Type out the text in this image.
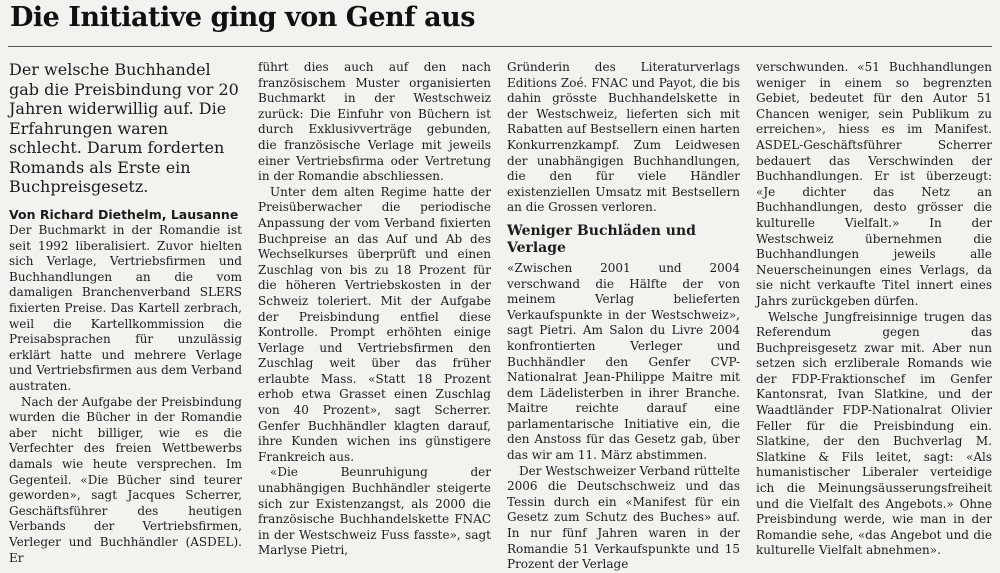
Die Initiative ging von Genf aus

Der welsche Buchhandel gab die Preisbindung vor 20 Jahren widerwillig auf. Die Erfahrungen waren schlecht. Darum forderten Romands als Erste ein Buchpreisgesetz.

Von Richard Diethelm, Lausanne

Der Buchmarkt in der Romandie ist seit 1992 liberalisiert. Zuvor hielten sich Verlage, Vertriebsfirmen und Buchhandlungen an die vom damaligen Branchenverband SLERS fixierten Preise. Das Kartell zerbrach, weil die Kartellkommission die Preisabsprachen für unzulässig erklärt hatte und mehrere Verlage und Vertriebsfirmen aus dem Verband austraten.

Nach der Aufgabe der Preisbindung wurden die Bücher in der Romandie aber nicht billiger, wie es die Verfechter des freien Wettbewerbs damals wie heute versprechen. Im Gegenteil. «Die Bücher sind teurer geworden», sagt Jacques Scherrer, Geschäftsführer des heutigen Verbands der Vertriebsfirmen, Verleger und Buchhändler (ASDEL). Er

führt dies auch auf den nach französischem Muster organisierten Buchmarkt in der Westschweiz zurück: Die Einfuhr von Büchern ist durch Exklusivverträge gebunden, die französische Verlage mit jeweils einer Vertriebsfirma oder Vertretung in der Romandie abschliessen.

Unter dem alten Regime hatte der Preisüberwacher die periodische Anpassung der vom Verband fixierten Buchpreise an das Auf und Ab des Wechselkurses überprüft und einen Zuschlag von bis zu 18 Prozent für die höheren Vertriebskosten in der Schweiz toleriert. Mit der Aufgabe der Preisbindung entfiel diese Kontrolle. Prompt erhöhten einige Verlage und Vertriebsfirmen den Zuschlag weit über das früher erlaubte Mass. «Statt 18 Prozent erhob etwa Grasset einen Zuschlag von 40 Prozent», sagt Scherrer. Genfer Buchhändler klagten darauf, ihre Kunden wichen ins günstigere Frankreich aus.

«Die Beunruhigung der unabhängigen Buchhändler steigerte sich zur Existenzangst, als 2000 die französische Buchhandelskette FNAC in der Westschweiz Fuss fasste», sagt Marlyse Pietri,

Gründerin des Literaturverlags Editions Zoé. FNAC und Payot, die bis dahin grösste Buchhandelskette in der Westschweiz, lieferten sich mit Rabatten auf Bestsellern einen harten Konkurrenzkampf. Zum Leidwesen der unabhängigen Buchhandlungen, die den für viele Händler existenziellen Umsatz mit Bestsellern an die Grossen verloren.

Weniger Buchläden und Verlage

«Zwischen 2001 und 2004 verschwand die Hälfte der von meinem Verlag belieferten Verkaufspunkte in der Westschweiz», sagt Pietri. Am Salon du Livre 2004 konfrontierten Verleger und Buchhändler den Genfer CVP-Nationalrat Jean-Philippe Maitre mit dem Lädelisterben in ihrer Branche. Maitre reichte darauf eine parlamentarische Initiative ein, die den Anstoss für das Gesetz gab, über das wir am 11. März abstimmen.

Der Westschweizer Verband rüttelte 2006 die Deutschschweiz und das Tessin durch ein «Manifest für ein Gesetz zum Schutz des Buches» auf. In nur fünf Jahren waren in der Romandie 51 Verkaufspunkte und 15 Prozent der Verlage

verschwunden. «51 Buchhandlungen weniger in einem so begrenzten Gebiet, bedeutet für den Autor 51 Chancen weniger, sein Publikum zu erreichen», hiess es im Manifest. ASDEL-Geschäftsführer Scherrer bedauert das Verschwinden der Buchhandlungen. Er ist überzeugt: «Je dichter das Netz an Buchhandlungen, desto grösser die kulturelle Vielfalt.» In der Westschweiz übernehmen die Buchhandlungen jeweils alle Neuerscheinungen eines Verlags, da sie nicht verkaufte Titel innert eines Jahrs zurückgeben dürfen.

Welsche Jungfreisinnige trugen das Referendum gegen das Buchpreisgesetz zwar mit. Aber nun setzen sich erzliberale Romands wie der FDP-Fraktionschef im Genfer Kantonsrat, Ivan Slatkine, und der Waadtländer FDP-Nationalrat Olivier Feller für die Preisbindung ein. Slatkine, der den Buchverlag M. Slatkine & Fils leitet, sagt: «Als humanistischer Liberaler verteidige ich die Meinungsäusserungsfreiheit und die Vielfalt des Angebots.» Ohne Preisbindung werde, wie man in der Romandie sehe, «das Angebot und die kulturelle Vielfalt abnehmen».
